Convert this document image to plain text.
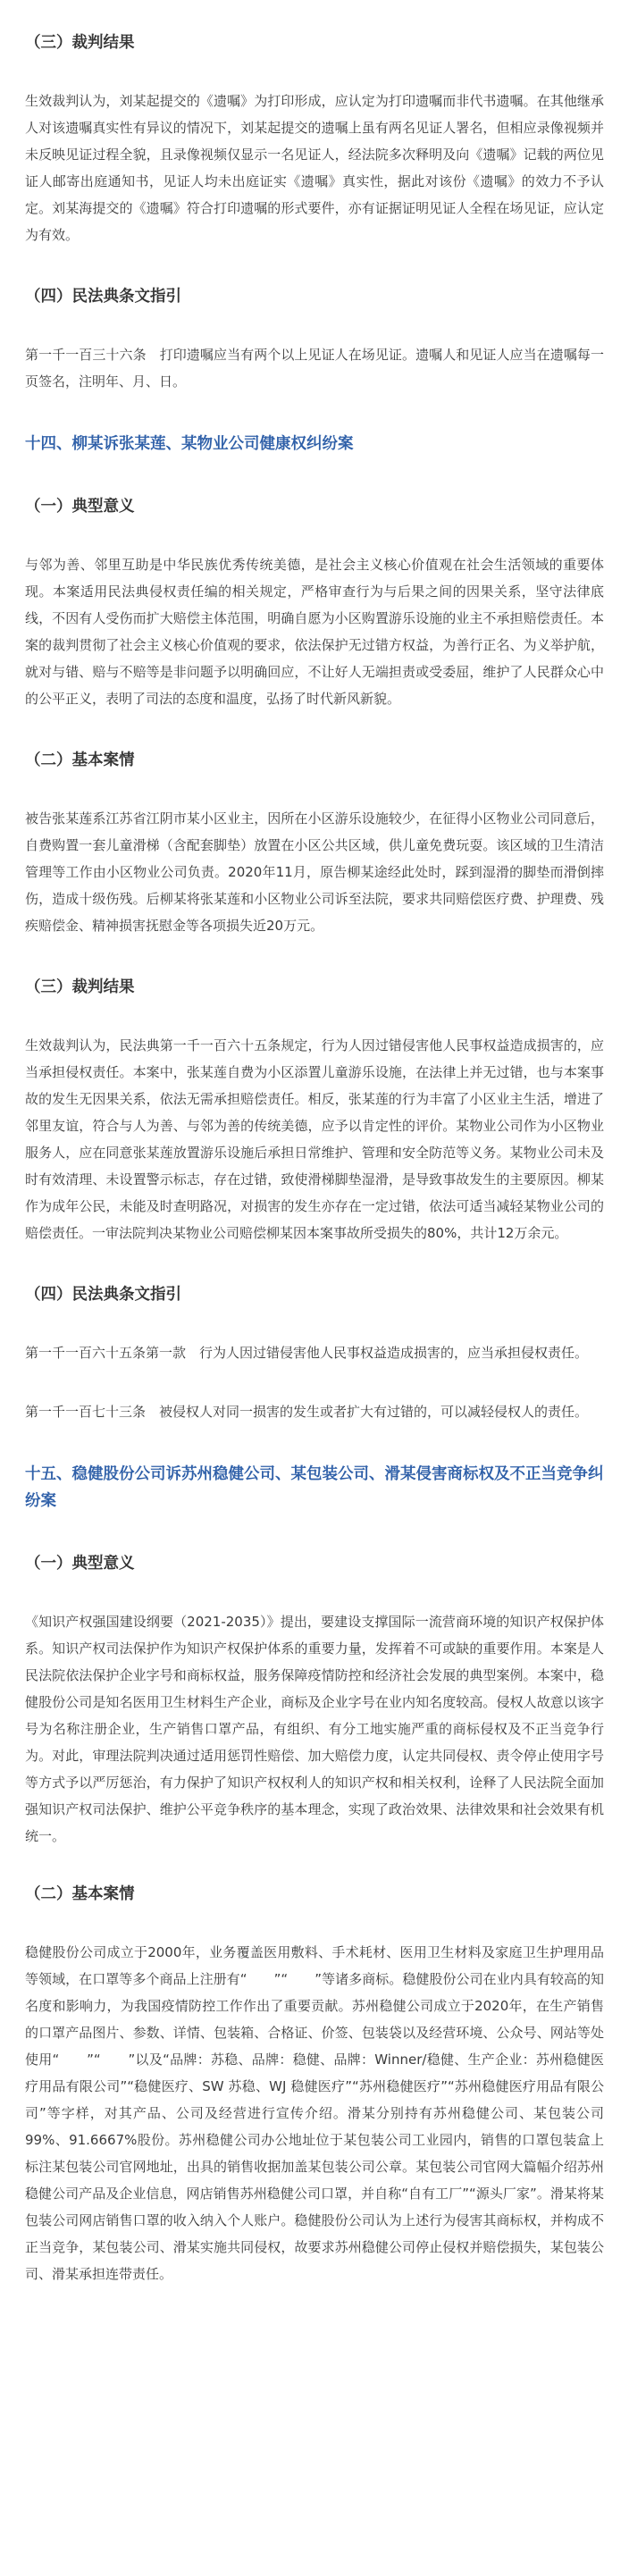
（三）裁判结果

生效裁判认为，刘某起提交的《遗嘱》为打印形成，应认定为打印遗嘱而非代书遗嘱。在其他继承人对该遗嘱真实性有异议的情况下，刘某起提交的遗嘱上虽有两名见证人署名，但相应录像视频并未反映见证过程全貌，且录像视频仅显示一名见证人，经法院多次释明及向《遗嘱》记载的两位见证人邮寄出庭通知书，见证人均未出庭证实《遗嘱》真实性，据此对该份《遗嘱》的效力不予认定。刘某海提交的《遗嘱》符合打印遗嘱的形式要件，亦有证据证明见证人全程在场见证，应认定为有效。

（四）民法典条文指引

第一千一百三十六条　打印遗嘱应当有两个以上见证人在场见证。遗嘱人和见证人应当在遗嘱每一页签名，注明年、月、日。

十四、柳某诉张某莲、某物业公司健康权纠纷案
（一）典型意义

与邻为善、邻里互助是中华民族优秀传统美德，是社会主义核心价值观在社会生活领域的重要体现。本案适用民法典侵权责任编的相关规定，严格审查行为与后果之间的因果关系，坚守法律底线，不因有人受伤而扩大赔偿主体范围，明确自愿为小区购置游乐设施的业主不承担赔偿责任。本案的裁判贯彻了社会主义核心价值观的要求，依法保护无过错方权益，为善行正名、为义举护航，就对与错、赔与不赔等是非问题予以明确回应，不让好人无端担责或受委屈，维护了人民群众心中的公平正义，表明了司法的态度和温度，弘扬了时代新风新貌。

（二）基本案情

被告张某莲系江苏省江阴市某小区业主，因所在小区游乐设施较少，在征得小区物业公司同意后，自费购置一套儿童滑梯（含配套脚垫）放置在小区公共区域，供儿童免费玩耍。该区域的卫生清洁管理等工作由小区物业公司负责。2020年11月，原告柳某途经此处时，踩到湿滑的脚垫而滑倒摔伤，造成十级伤残。后柳某将张某莲和小区物业公司诉至法院，要求共同赔偿医疗费、护理费、残疾赔偿金、精神损害抚慰金等各项损失近20万元。

（三）裁判结果

生效裁判认为，民法典第一千一百六十五条规定，行为人因过错侵害他人民事权益造成损害的，应当承担侵权责任。本案中，张某莲自费为小区添置儿童游乐设施，在法律上并无过错，也与本案事故的发生无因果关系，依法无需承担赔偿责任。相反，张某莲的行为丰富了小区业主生活，增进了邻里友谊，符合与人为善、与邻为善的传统美德，应予以肯定性的评价。某物业公司作为小区物业服务人，应在同意张某莲放置游乐设施后承担日常维护、管理和安全防范等义务。某物业公司未及时有效清理、未设置警示标志，存在过错，致使滑梯脚垫湿滑，是导致事故发生的主要原因。柳某作为成年公民，未能及时查明路况，对损害的发生亦存在一定过错，依法可适当减轻某物业公司的赔偿责任。一审法院判决某物业公司赔偿柳某因本案事故所受损失的80%，共计12万余元。

（四）民法典条文指引

第一千一百六十五条第一款　行为人因过错侵害他人民事权益造成损害的，应当承担侵权责任。

第一千一百七十三条　被侵权人对同一损害的发生或者扩大有过错的，可以减轻侵权人的责任。

十五、稳健股份公司诉苏州稳健公司、某包装公司、滑某侵害商标权及不正当竞争纠纷案
（一）典型意义

《知识产权强国建设纲要（2021-2035）》提出，要建设支撑国际一流营商环境的知识产权保护体系。知识产权司法保护作为知识产权保护体系的重要力量，发挥着不可或缺的重要作用。本案是人民法院依法保护企业字号和商标权益，服务保障疫情防控和经济社会发展的典型案例。本案中，稳健股份公司是知名医用卫生材料生产企业，商标及企业字号在业内知名度较高。侵权人故意以该字号为名称注册企业，生产销售口罩产品，有组织、有分工地实施严重的商标侵权及不正当竞争行为。对此，审理法院判决通过适用惩罚性赔偿、加大赔偿力度，认定共同侵权、责令停止使用字号等方式予以严厉惩治，有力保护了知识产权权利人的知识产权和相关权利，诠释了人民法院全面加强知识产权司法保护、维护公平竞争秩序的基本理念，实现了政治效果、法律效果和社会效果有机统一。

（二）基本案情

稳健股份公司成立于2000年，业务覆盖医用敷料、手术耗材、医用卫生材料及家庭卫生护理用品等领域，在口罩等多个商品上注册有“　　”“　　”等诸多商标。稳健股份公司在业内具有较高的知名度和影响力，为我国疫情防控工作作出了重要贡献。苏州稳健公司成立于2020年，在生产销售的口罩产品图片、参数、详情、包装箱、合格证、价签、包装袋以及经营环境、公众号、网站等处使用“　　”“　　”以及“品牌：苏稳、品牌：稳健、品牌：Winner/稳健、生产企业：苏州稳健医疗用品有限公司”“稳健医疗、SW 苏稳、WJ 稳健医疗”“苏州稳健医疗”“苏州稳健医疗用品有限公司”等字样，对其产品、公司及经营进行宣传介绍。滑某分别持有苏州稳健公司、某包装公司99%、91.6667%股份。苏州稳健公司办公地址位于某包装公司工业园内，销售的口罩包装盒上标注某包装公司官网地址，出具的销售收据加盖某包装公司公章。某包装公司官网大篇幅介绍苏州稳健公司产品及企业信息，网店销售苏州稳健公司口罩，并自称“自有工厂”“源头厂家”。滑某将某包装公司网店销售口罩的收入纳入个人账户。稳健股份公司认为上述行为侵害其商标权，并构成不正当竞争，某包装公司、滑某实施共同侵权，故要求苏州稳健公司停止侵权并赔偿损失，某包装公司、滑某承担连带责任。
